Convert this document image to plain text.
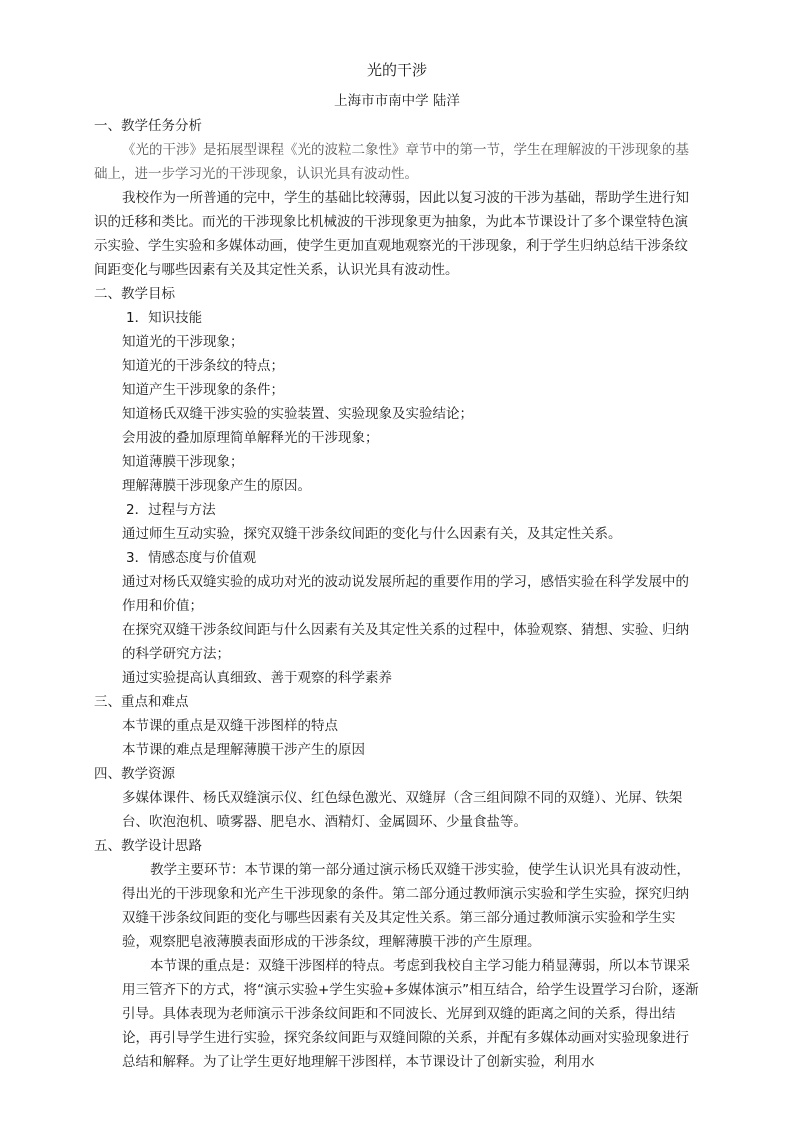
光的干涉
上海市市南中学 陆洋

一、教学任务分析

《光的干涉》是拓展型课程《光的波粒二象性》章节中的第一节，学生在理解波的干涉现象的基础上，进一步学习光的干涉现象，认识光具有波动性。

我校作为一所普通的完中，学生的基础比较薄弱，因此以复习波的干涉为基础，帮助学生进行知识的迁移和类比。而光的干涉现象比机械波的干涉现象更为抽象，为此本节课设计了多个课堂特色演示实验、学生实验和多媒体动画，使学生更加直观地观察光的干涉现象，利于学生归纳总结干涉条纹间距变化与哪些因素有关及其定性关系，认识光具有波动性。

二、教学目标

1．知识技能

知道光的干涉现象；

知道光的干涉条纹的特点；

知道产生干涉现象的条件；

知道杨氏双缝干涉实验的实验装置、实验现象及实验结论；

会用波的叠加原理简单解释光的干涉现象；

知道薄膜干涉现象；

理解薄膜干涉现象产生的原因。

2．过程与方法

通过师生互动实验，探究双缝干涉条纹间距的变化与什么因素有关，及其定性关系。

3．情感态度与价值观

通过对杨氏双缝实验的成功对光的波动说发展所起的重要作用的学习，感悟实验在科学发展中的作用和价值；

在探究双缝干涉条纹间距与什么因素有关及其定性关系的过程中，体验观察、猜想、实验、归纳的科学研究方法；

通过实验提高认真细致、善于观察的科学素养

三、重点和难点

本节课的重点是双缝干涉图样的特点

本节课的难点是理解薄膜干涉产生的原因

四、教学资源

多媒体课件、杨氏双缝演示仪、红色绿色激光、双缝屏（含三组间隙不同的双缝）、光屏、铁架台、吹泡泡机、喷雾器、肥皂水、酒精灯、金属圆环、少量食盐等。

五、教学设计思路

教学主要环节：本节课的第一部分通过演示杨氏双缝干涉实验，使学生认识光具有波动性，得出光的干涉现象和光产生干涉现象的条件。第二部分通过教师演示实验和学生实验，探究归纳双缝干涉条纹间距的变化与哪些因素有关及其定性关系。第三部分通过教师演示实验和学生实验，观察肥皂液薄膜表面形成的干涉条纹，理解薄膜干涉的产生原理。

本节课的重点是：双缝干涉图样的特点。考虑到我校自主学习能力稍显薄弱，所以本节课采用三管齐下的方式，将“演示实验+学生实验+多媒体演示”相互结合，给学生设置学习台阶，逐渐引导。具体表现为老师演示干涉条纹间距和不同波长、光屏到双缝的距离之间的关系，得出结论，再引导学生进行实验，探究条纹间距与双缝间隙的关系，并配有多媒体动画对实验现象进行总结和解释。为了让学生更好地理解干涉图样，本节课设计了创新实验，利用水
